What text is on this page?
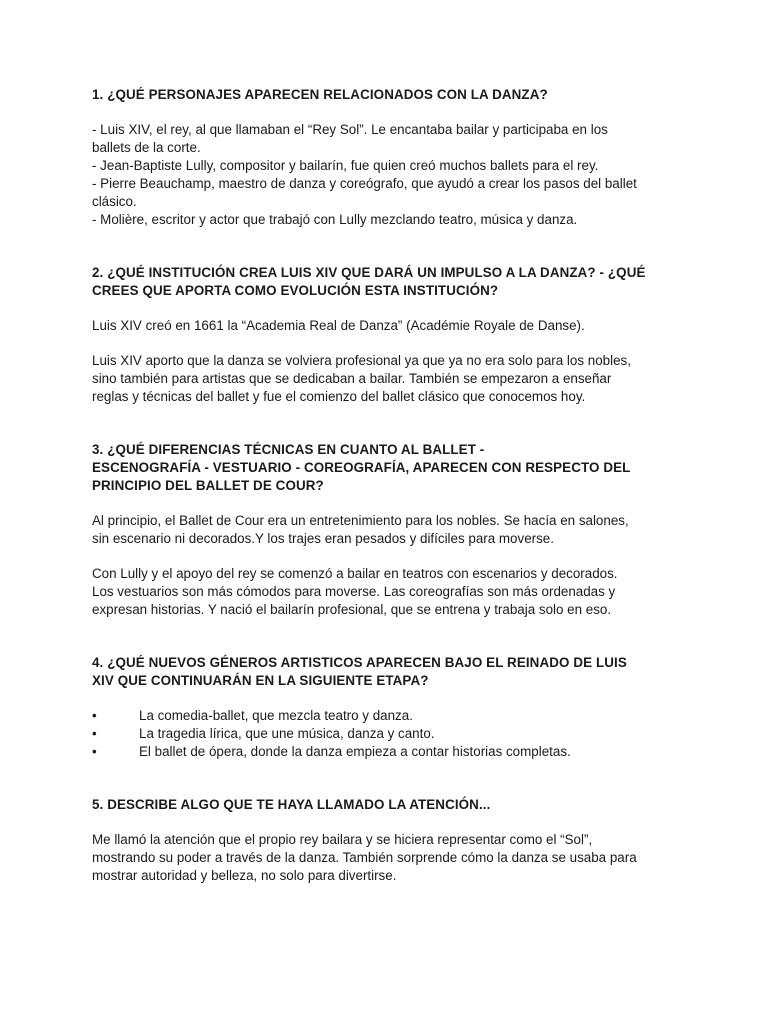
1. ¿QUÉ PERSONAJES APARECEN RELACIONADOS CON LA DANZA?
- Luis XIV, el rey, al que llamaban el “Rey Sol”. Le encantaba bailar y participaba en los
ballets de la corte.
- Jean-Baptiste Lully, compositor y bailarín, fue quien creó muchos ballets para el rey.
- Pierre Beauchamp, maestro de danza y coreógrafo, que ayudó a crear los pasos del ballet
clásico.
- Molière, escritor y actor que trabajó con Lully mezclando teatro, música y danza.
2. ¿QUÉ INSTITUCIÓN CREA LUIS XIV QUE DARÁ UN IMPULSO A LA DANZA? - ¿QUÉ
CREES QUE APORTA COMO EVOLUCIÓN ESTA INSTITUCIÓN?
Luis XIV creó en 1661 la “Academia Real de Danza” (Académie Royale de Danse).
Luis XIV aporto que la danza se volviera profesional ya que ya no era solo para los nobles,
sino también para artistas que se dedicaban a bailar. También se empezaron a enseñar
reglas y técnicas del ballet y fue el comienzo del ballet clásico que conocemos hoy.
3. ¿QUÉ DIFERENCIAS TÉCNICAS EN CUANTO AL BALLET -
ESCENOGRAFÍA - VESTUARIO - COREOGRAFÍA, APARECEN CON RESPECTO DEL
PRINCIPIO DEL BALLET DE COUR?
Al principio, el Ballet de Cour era un entretenimiento para los nobles. Se hacía en salones,
sin escenario ni decorados.Y los trajes eran pesados y difíciles para moverse.
Con Lully y el apoyo del rey se comenzó a bailar en teatros con escenarios y decorados.
Los vestuarios son más cómodos para moverse. Las coreografías son más ordenadas y
expresan historias. Y nació el bailarín profesional, que se entrena y trabaja solo en eso.
4. ¿QUÉ NUEVOS GÉNEROS ARTISTICOS APARECEN BAJO EL REINADO DE LUIS
XIV QUE CONTINUARÁN EN LA SIGUIENTE ETAPA?
•	La comedia-ballet, que mezcla teatro y danza.
•	La tragedia lírica, que une música, danza y canto.
•	El ballet de ópera, donde la danza empieza a contar historias completas.
5. DESCRIBE ALGO QUE TE HAYA LLAMADO LA ATENCIÓN...
Me llamó la atención que el propio rey bailara y se hiciera representar como el “Sol”,
mostrando su poder a través de la danza. También sorprende cómo la danza se usaba para
mostrar autoridad y belleza, no solo para divertirse.
